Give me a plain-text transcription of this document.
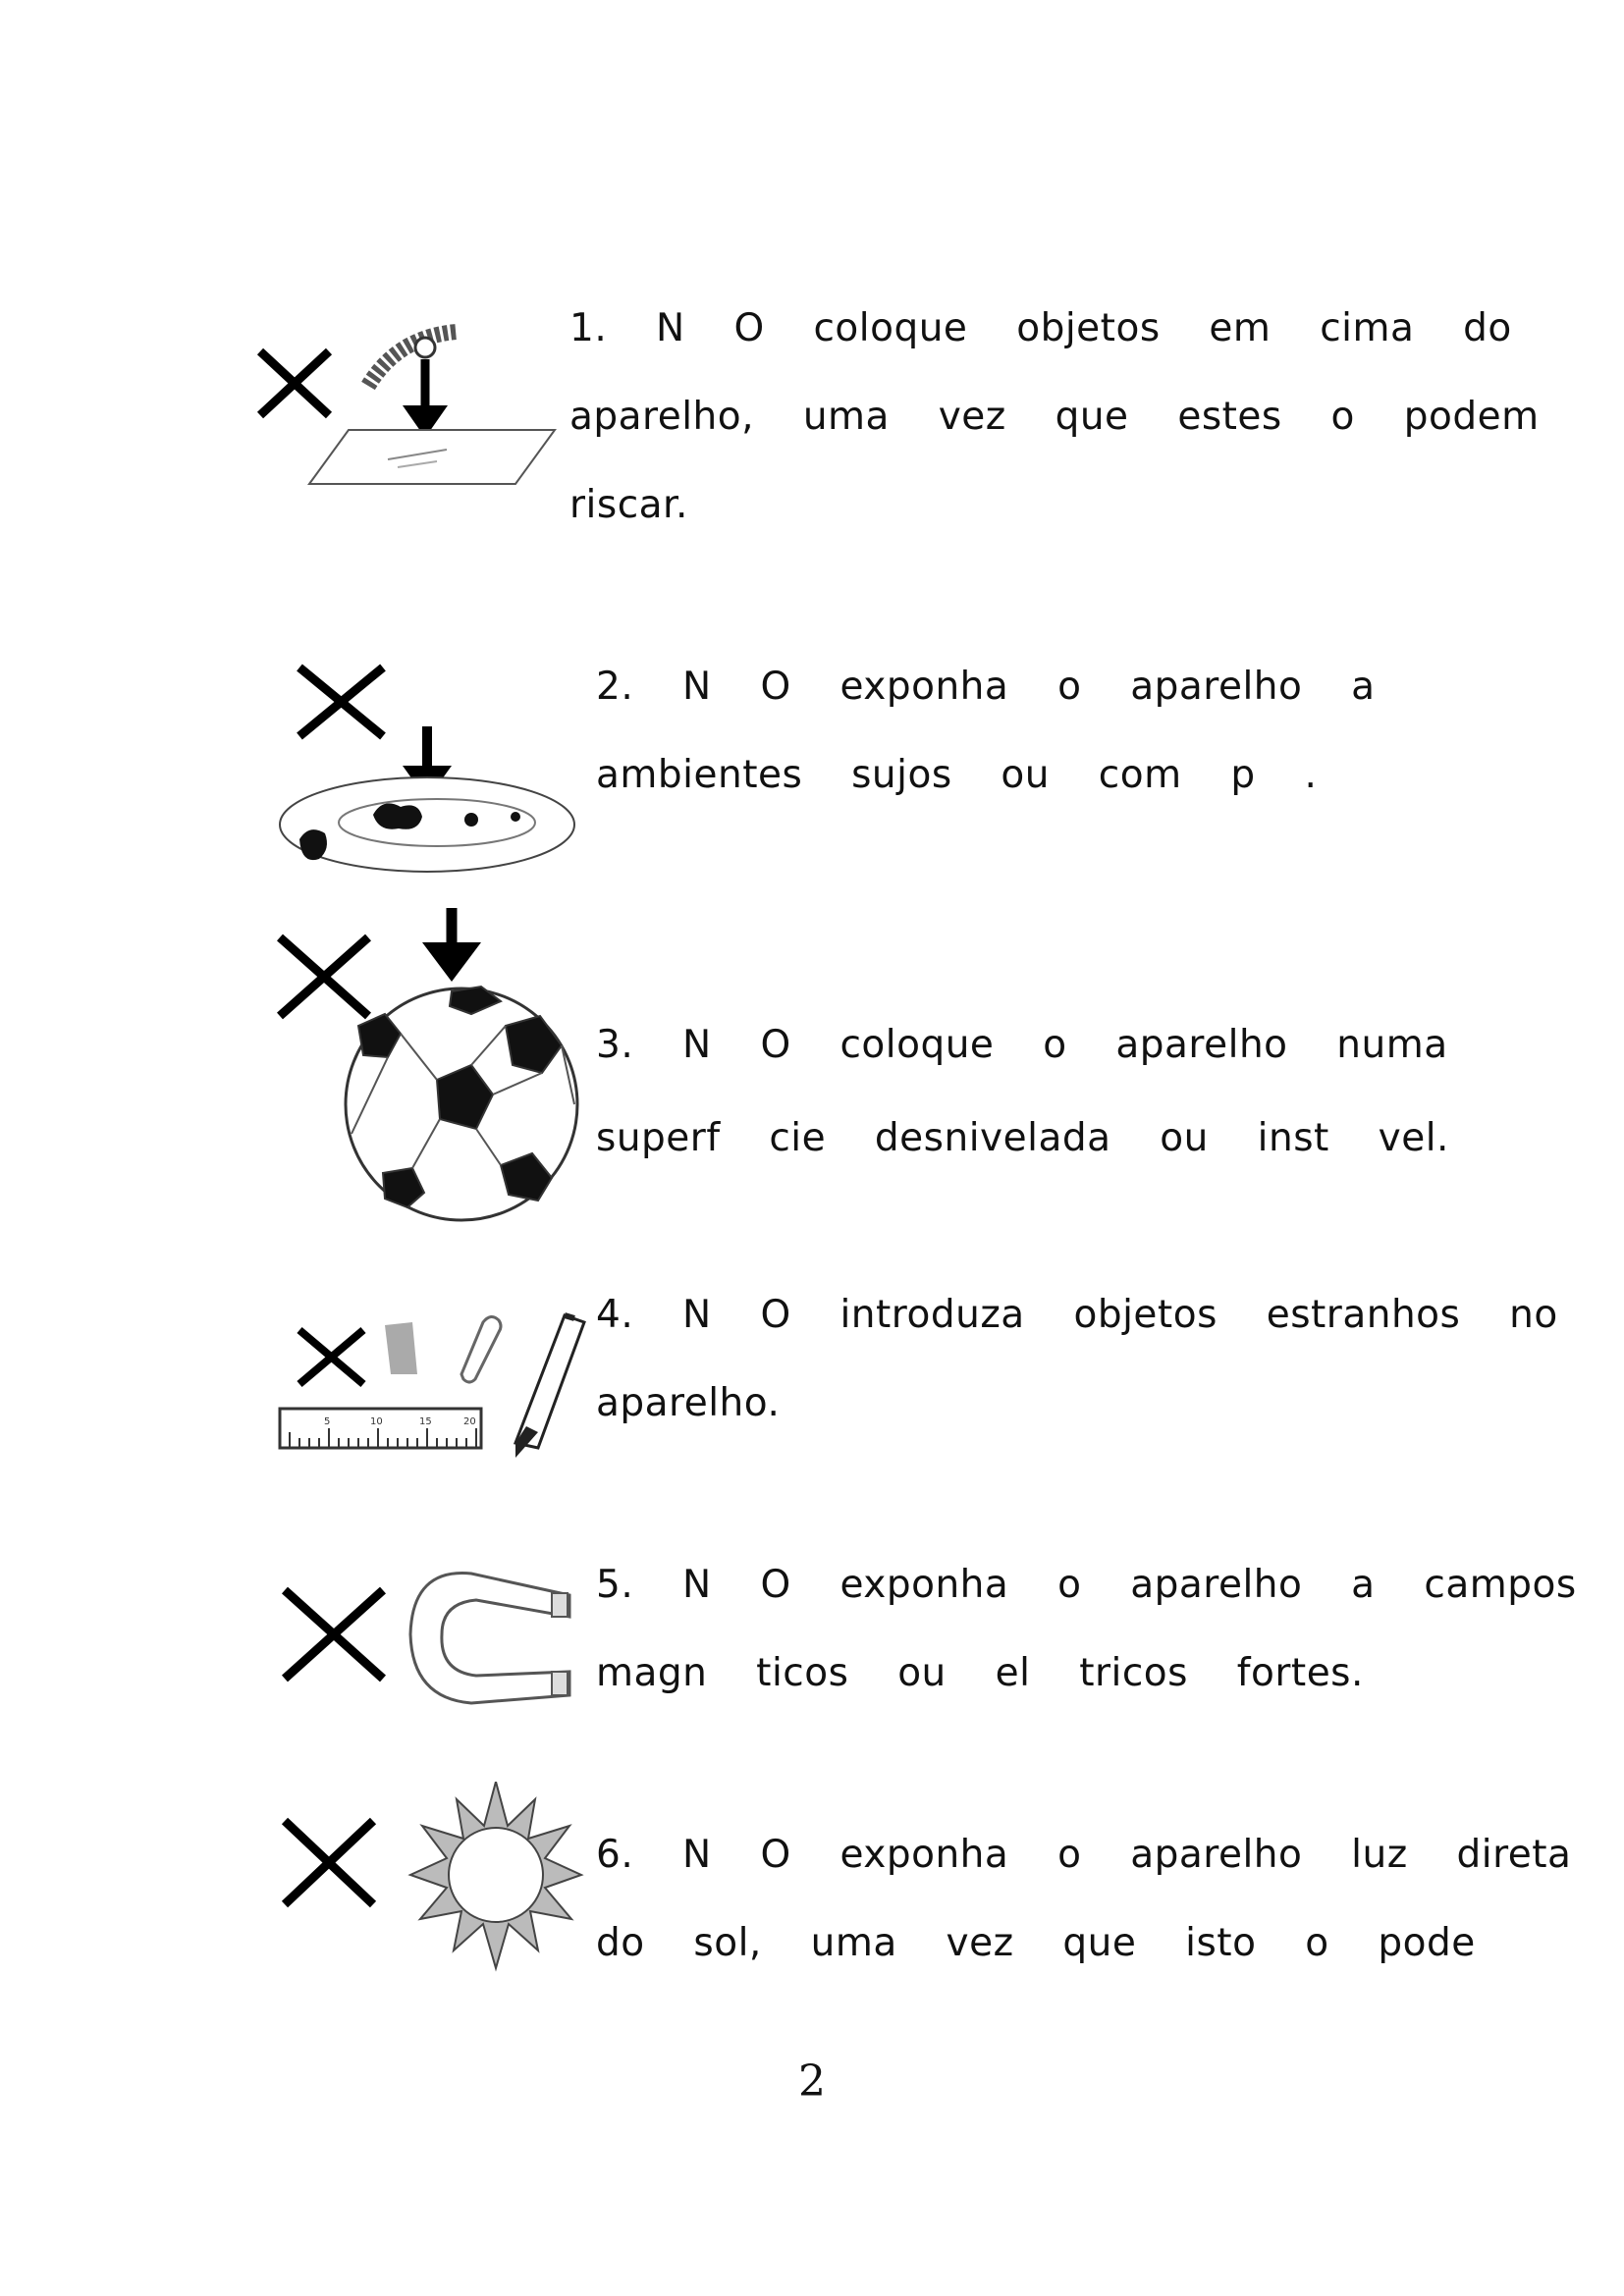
1.  N  O  coloque  objetos  em  cima  do
aparelho,  uma  vez  que  estes  o  podem
riscar.
2.  N  O  exponha  o  aparelho  a
ambientes  sujos  ou  com  p  .
3.  N  O  coloque  o  aparelho  numa
superf  cie  desnivelada  ou  inst  vel.
5	10	15	20
4.  N  O  introduza  objetos  estranhos  no
aparelho.
5.  N  O  exponha  o  aparelho  a  campos
magn  ticos  ou  el  tricos  fortes.
6.  N  O  exponha  o  aparelho  luz  direta
do  sol,  uma  vez  que  isto  o  pode
2
